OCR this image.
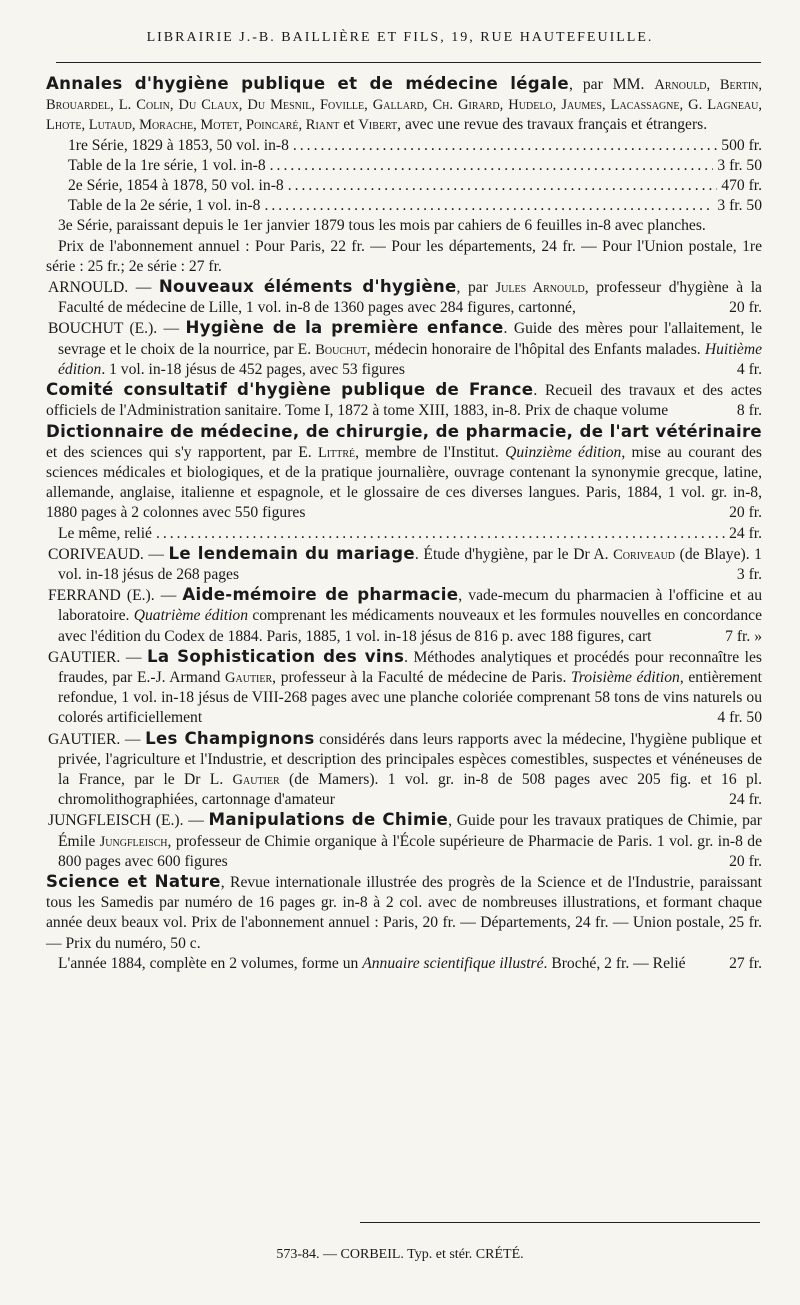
LIBRAIRIE J.-B. BAILLIÈRE ET FILS, 19, RUE HAUTEFEUILLE.

Annales d'hygiène publique et de médecine légale, par MM. Arnould, Bertin, Brouardel, L. Colin, Du Claux, Du Mesnil, Foville, Gallard, Ch. Girard, Hudelo, Jaumes, Lacassagne, G. Lagneau, Lhote, Lutaud, Morache, Motet, Poincaré, Riant et Vibert, avec une revue des travaux français et étrangers.

1re Série, 1829 à 1853, 50 vol. in-8 .....	500 fr.
Table de la 1re série, 1 vol. in-8 .....	3 fr. 50
2e Série, 1854 à 1878, 50 vol. in-8 .....	470 fr.
Table de la 2e série, 1 vol. in-8 .....	3 fr. 50

3e Série, paraissant depuis le 1er janvier 1879 tous les mois par cahiers de 6 feuilles in-8 avec planches.

Prix de l'abonnement annuel : Pour Paris, 22 fr. — Pour les départements, 24 fr. — Pour l'Union postale, 1re série : 25 fr.; 2e série : 27 fr.

ARNOULD. — Nouveaux éléments d'hygiène, par Jules Arnould, professeur d'hygiène à la Faculté de médecine de Lille, 1 vol. in-8 de 1360 pages avec 284 figures, cartonné,	20 fr.

BOUCHUT (E.). — Hygiène de la première enfance. Guide des mères pour l'allaitement, le sevrage et le choix de la nourrice, par E. Bouchut, médecin honoraire de l'hôpital des Enfants malades. Huitième édition. 1 vol. in-18 jésus de 452 pages, avec 53 figures	4 fr.

Comité consultatif d'hygiène publique de France. Recueil des travaux et des actes officiels de l'Administration sanitaire. Tome I, 1872 à tome XIII, 1883, in-8. Prix de chaque volume	8 fr.

Dictionnaire de médecine, de chirurgie, de pharmacie, de l'art vétérinaire et des sciences qui s'y rapportent, par E. Littré, membre de l'Institut. Quinzième édition, mise au courant des sciences médicales et biologiques, et de la pratique journalière, ouvrage contenant la synonymie grecque, latine, allemande, anglaise, italienne et espagnole, et le glossaire de ces diverses langues. Paris, 1884, 1 vol. gr. in-8, 1880 pages à 2 colonnes avec 550 figures	20 fr.
Le même, relié .....	24 fr.

CORIVEAUD. — Le lendemain du mariage. Étude d'hygiène, par le Dr A. Coriveaud (de Blaye). 1 vol. in-18 jésus de 268 pages	3 fr.

FERRAND (E.). — Aide-mémoire de pharmacie, vade-mecum du pharmacien à l'officine et au laboratoire. Quatrième édition comprenant les médicaments nouveaux et les formules nouvelles en concordance avec l'édition du Codex de 1884. Paris, 1885, 1 vol. in-18 jésus de 816 p. avec 188 figures, cart	7 fr. »

GAUTIER. — La Sophistication des vins. Méthodes analytiques et procédés pour reconnaître les fraudes, par E.-J. Armand Gautier, professeur à la Faculté de médecine de Paris. Troisième édition, entièrement refondue, 1 vol. in-18 jésus de VIII-268 pages avec une planche coloriée comprenant 58 tons de vins naturels ou colorés artificiellement	4 fr. 50

GAUTIER. — Les Champignons considérés dans leurs rapports avec la médecine, l'hygiène publique et privée, l'agriculture et l'Industrie, et description des principales espèces comestibles, suspectes et vénéneuses de la France, par le Dr L. Gautier (de Mamers). 1 vol. gr. in-8 de 508 pages avec 205 fig. et 16 pl. chromolithographiées, cartonnage d'amateur	24 fr.

JUNGFLEISCH (E.). — Manipulations de Chimie, Guide pour les travaux pratiques de Chimie, par Émile Jungfleisch, professeur de Chimie organique à l'École supérieure de Pharmacie de Paris. 1 vol. gr. in-8 de 800 pages avec 600 figures	20 fr.

Science et Nature, Revue internationale illustrée des progrès de la Science et de l'Industrie, paraissant tous les Samedis par numéro de 16 pages gr. in-8 à 2 col. avec de nombreuses illustrations, et formant chaque année deux beaux vol. Prix de l'abonnement annuel : Paris, 20 fr. — Départements, 24 fr. — Union postale, 25 fr. — Prix du numéro, 50 c.

L'année 1884, complète en 2 volumes, forme un Annuaire scientifique illustré. Broché, 2 fr. — Relié	27 fr.
573-84. — CORBEIL. Typ. et stér. CRÉTÉ.
